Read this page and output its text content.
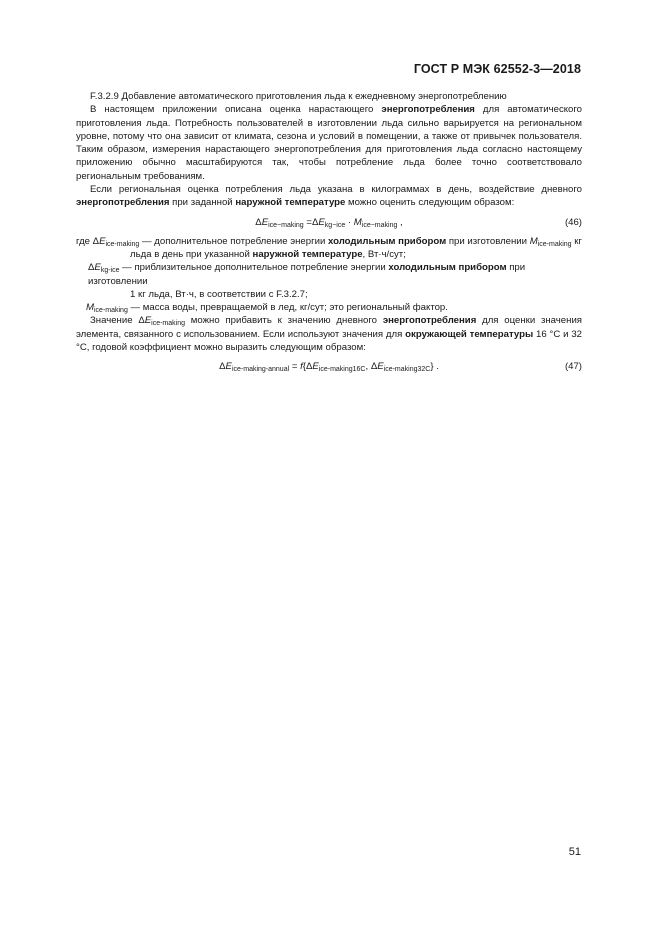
ГОСТ Р МЭК 62552-3—2018

F.3.2.9 Добавление автоматического приготовления льда к ежедневному энергопотреблению

В настоящем приложении описана оценка нарастающего энергопотребления для автоматического приготовления льда. Потребность пользователей в изготовлении льда сильно варьируется на региональном уровне, потому что она зависит от климата, сезона и условий в помещении, а также от привычек пользователя. Таким образом, измерения нарастающего энергопотребления для приготовления льда согласно настоящему приложению обычно масштабируются так, чтобы потребление льда более точно соответствовало региональным требованиям.

Если региональная оценка потребления льда указана в килограммах в день, воздействие дневного энергопотребления при заданной наружной температуре можно оценить следующим образом:

$\Delta E_{ice-making} =\Delta E_{kg-ice} \cdot M_{ice-making}$ ,	(46)

где $\Delta E_{ice-making}$ — дополнительное потребление энергии холодильным прибором при изготовлении $M_{ice-making}$ кг

льда в день при указанной наружной температуре, Вт·ч/сут;

$\Delta E_{kg-ice}$ — приблизительное дополнительное потребление энергии холодильным прибором при изготовлении

1 кг льда, Вт·ч, в соответствии с F.3.2.7;

$M_{ice-making}$ — масса воды, превращаемой в лед, кг/сут; это региональный фактор.

Значение $\Delta E_{ice-making}$ можно прибавить к значению дневного энергопотребления для оценки значения элемента, связанного с использованием. Если используют значения для окружающей температуры 16 °С и 32 °С, годовой коэффициент можно выразить следующим образом:

$\Delta E_{ice-making-annual} = f\{\Delta E_{ice-making16C}$, $\Delta E_{ice-making32C}$} .	(47)
51
